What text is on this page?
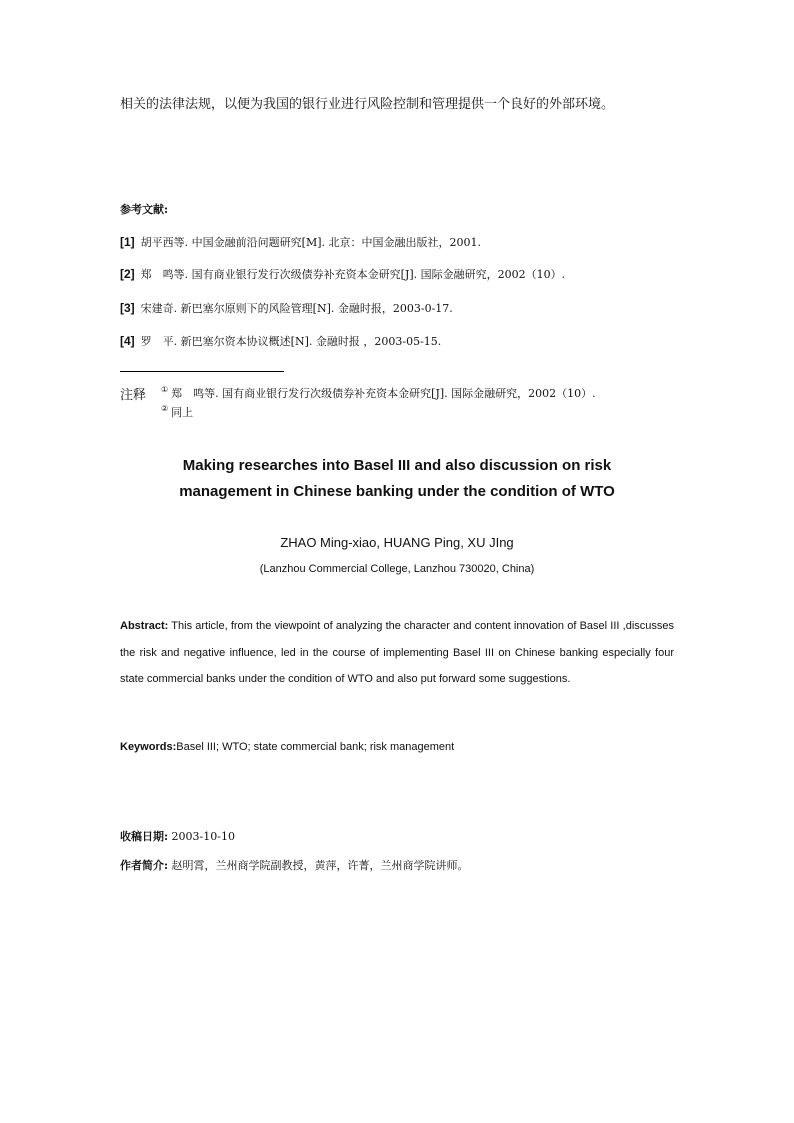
相关的法律法规，以便为我国的银行业进行风险控制和管理提供一个良好的外部环境。
参考文献:
[1] 胡平西等. 中国金融前沿问题研究[M]. 北京：中国金融出版社，2001.
[2] 郑　鸣等. 国有商业银行发行次级债券补充资本金研究[J]. 国际金融研究，2002（10）.
[3] 宋建奇. 新巴塞尔原则下的风险管理[N]. 金融时报，2003-0-17.
[4] 罗　平. 新巴塞尔资本协议概述[N]. 金融时报 ，2003-05-15.
注释 ① 郑　鸣等. 国有商业银行发行次级债券补充资本金研究[J]. 国际金融研究，2002（10）.
② 同上
Making researches into Basel III and also discussion on risk
management in Chinese banking under the condition of WTO
ZHAO Ming-xiao, HUANG Ping, XU JIng
(Lanzhou Commercial College, Lanzhou 730020, China)
Abstract: This article, from the viewpoint of analyzing the character and content innovation of Basel III ,discusses the risk and negative influence, led in the course of implementing Basel III on Chinese banking especially four state commercial banks under the condition of WTO and also put forward some suggestions.
Keywords:Basel III; WTO; state commercial bank; risk management
收稿日期: 2003-10-10
作者简介: 赵明霄，兰州商学院副教授，黄萍，许菁，兰州商学院讲师。
